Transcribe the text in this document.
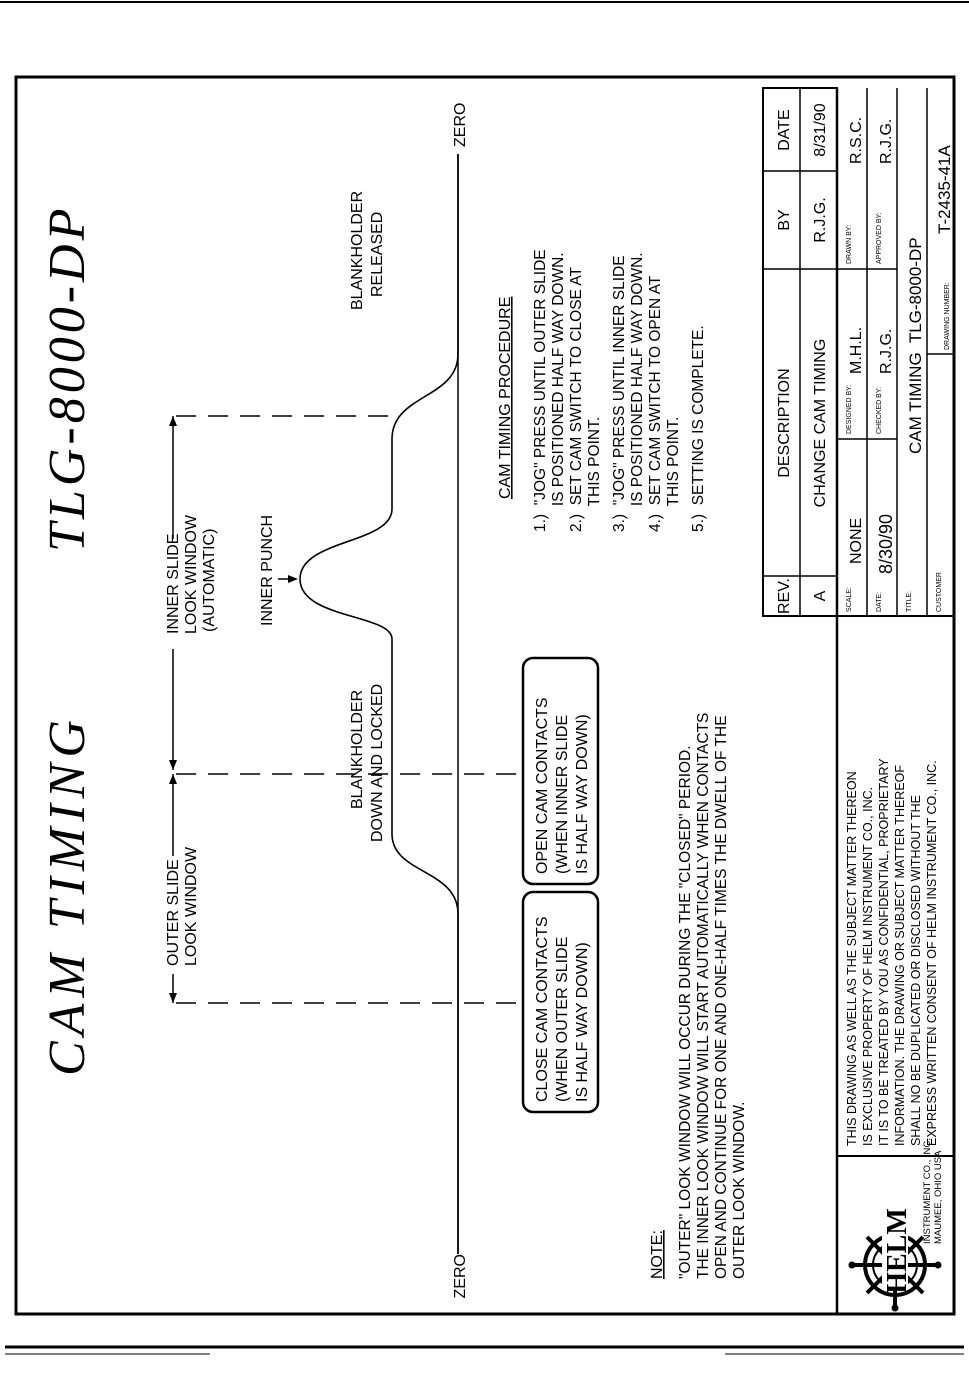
CAM TIMING
TLG-8000-DP
OUTER SLIDE LOOK WINDOW
INNER SLIDE LOOK WINDOW (AUTOMATIC)
ZERO
ZERO
INNER PUNCH
BLANKHOLDER DOWN AND LOCKED
BLANKHOLDER RELEASED
CLOSE CAM CONTACTS (WHEN OUTER SLIDE IS HALF WAY DOWN)
OPEN CAM CONTACTS (WHEN INNER SLIDE IS HALF WAY DOWN)
CAM TIMING PROCEDURE 1.)  "JOG" PRESS UNTIL OUTER SLIDE IS POSITIONED HALF WAY DOWN. 2.)  SET CAM SWITCH TO CLOSE AT THIS POINT. 3.)  "JOG" PRESS UNTIL INNER SLIDE IS POSITIONED HALF WAY DOWN. 4.)  SET CAM SWITCH TO OPEN AT THIS POINT. 5.)  SETTING IS COMPLETE.
NOTE: "OUTER" LOOK WINDOW WILL OCCUR DURING THE "CLOSED" PERIOD. THE INNER LOOK WINDOW WILL START AUTOMATICALLY WHEN CONTACTS OPEN AND CONTINUE FOR ONE AND ONE-HALF TIMES THE DWELL OF THE OUTER LOOK WINDOW.
REV.
DESCRIPTION
BY
DATE
A
CHANGE CAM TIMING
R.J.G.
8/31/90
SCALE:
NONE
DESIGNED BY:
M.H.L.
DRAWN BY:
R.S.C.
DATE:
8/30/90
CHECKED BY:
R.J.G.
APPROVED BY:
R.J.G.
TITLE:
CAM TIMING  TLG-8000-DP
CUSTOMER
DRAWING NUMBER:
T-2435-41A
THIS DRAWING AS WELL AS THE SUBJECT MATTER THEREON IS EXCLUSIVE PROPERTY OF HELM INSTRUMENT CO., INC. IT IS TO BE TREATED BY YOU AS CONFIDENTIAL, PROPRIETARY INFORMATION. THE DRAWING OR SUBJECT MATTER THEREOF SHALL NO BE DUPLICATED OR DISCLOSED WITHOUT THE EXPRESS WRITTEN CONSENT OF HELM INSTRUMENT CO., INC.
HELM
INSTRUMENT CO., INC. MAUMEE, OHIO USA
